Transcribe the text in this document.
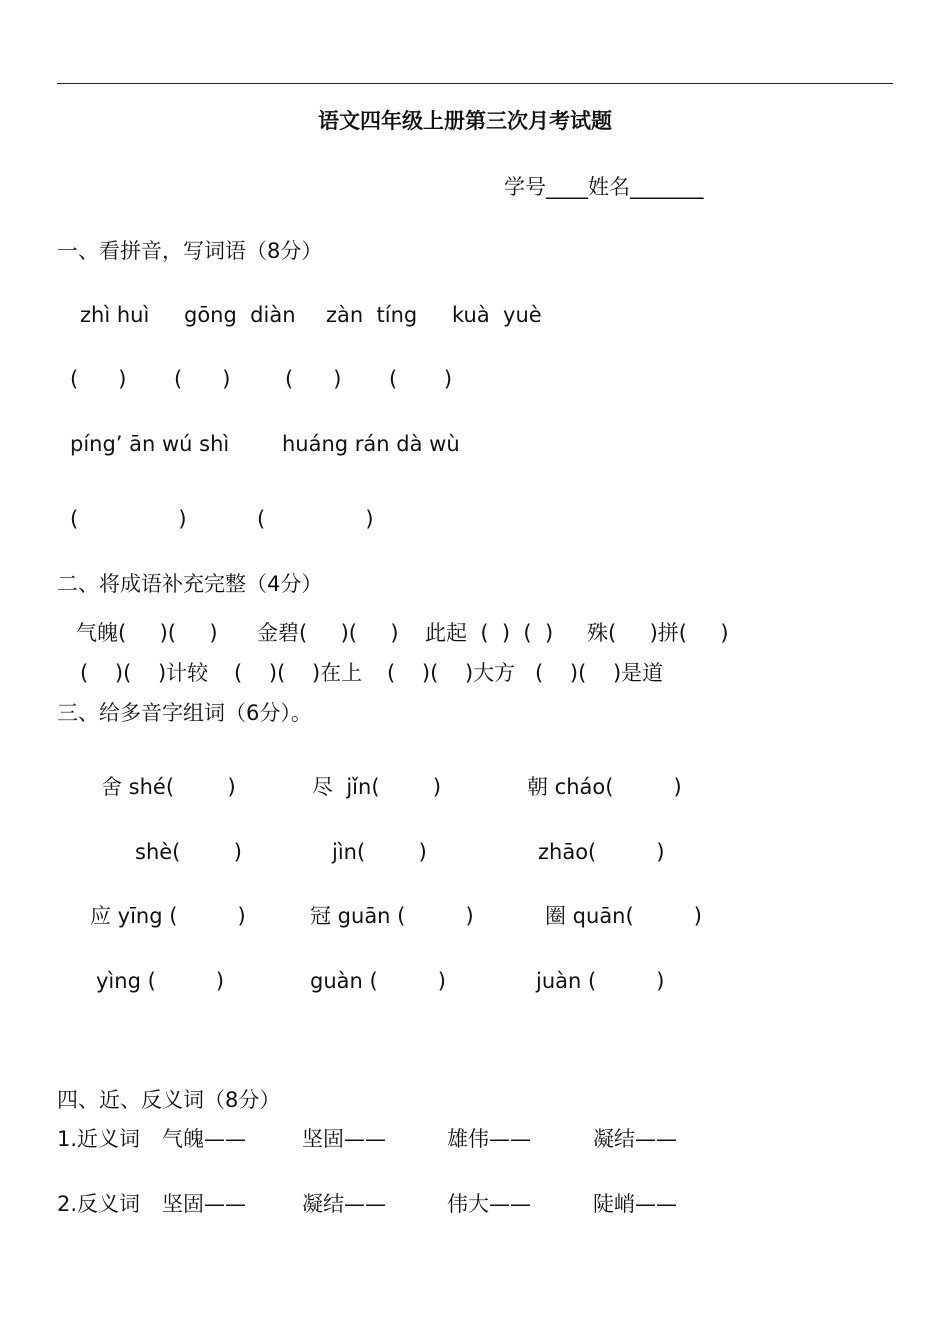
语文四年级上册第三次月考试题
学号____姓名_______
一、看拼音，写词语（8分）
zhì huì gōng  diàn zàn  tíng kuà  yuè
(      ) (      )	(      ) (       )
píng’ ān wú shì	huáng rán dà wù
(               )	(               )
二、将成语补充完整（4分）
气魄(     )(     ) 金碧(     )(     ) 此起  (  )  (  ) 殊(     )拼(     )
(    )(    )计较 (    )(    )在上 (    )(    )大方 (    )(    )是道
三、给多音字组词（6分）。
舍 shé(        )	尽  jǐn(        )	朝 cháo(         )
shè(        )	jìn(        )	zhāo(         )
应 yīng (         )	冠 guān (         )	圈 quān(         )
yìng (         )	guàn (         )	juàn (         )
四、近、反义词（8分）
1.近义词 气魄——	坚固——	雄伟——	凝结——
2.反义词 坚固——	凝结——	伟大——	陡峭——
